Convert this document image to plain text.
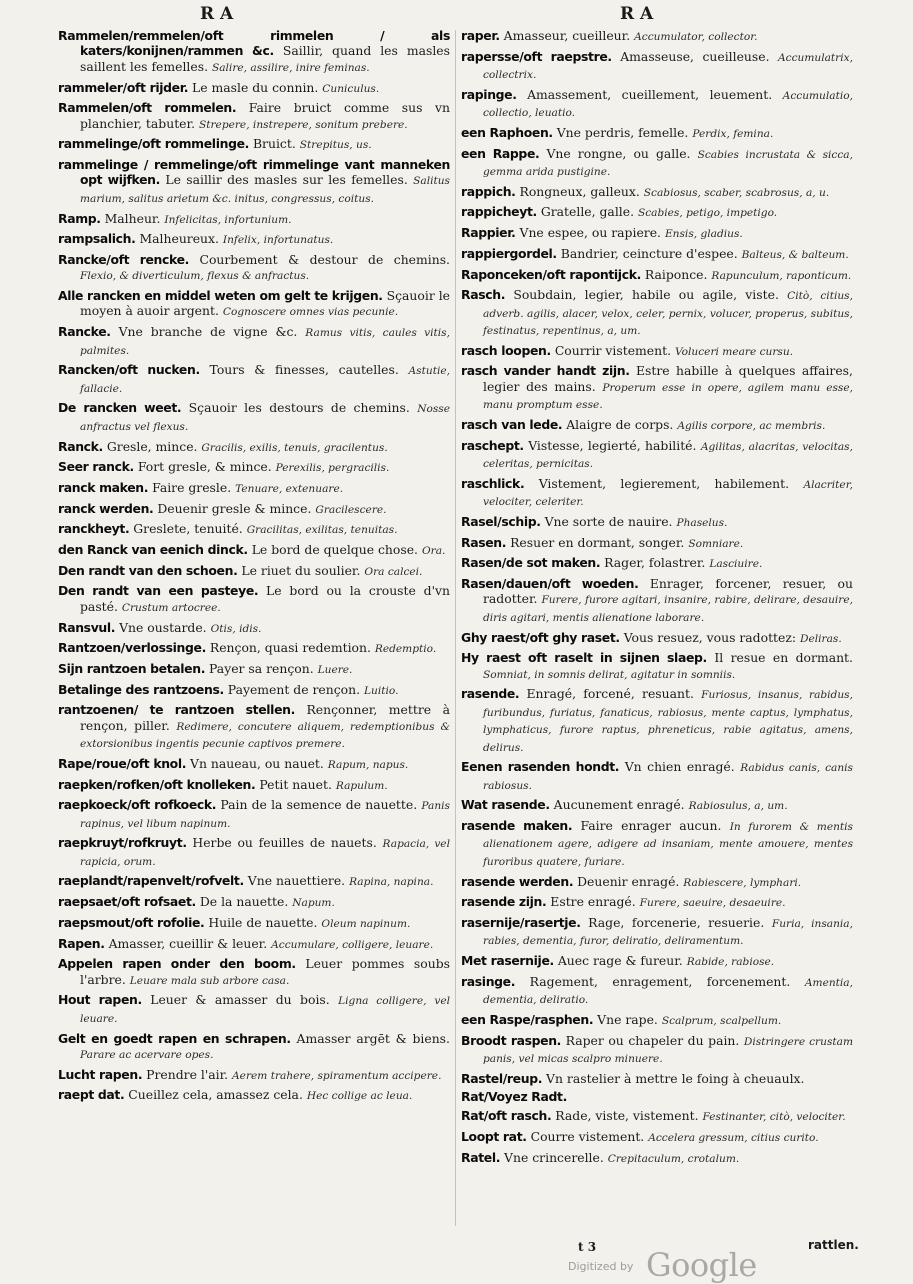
R A	R A
Rammelen/remmelen/oft rimmelen / als katers/konijnen/rammen &c. Saillir, quand les masles saillent les femelles. Salire, assilire, inire feminas.
rammeler/oft rijder. Le masle du connin. Cuniculus.
Rammelen/oft rommelen. Faire bruict comme sus vn planchier, tabuter. Strepere, instrepere, sonitum prebere.
rammelinge/oft rommelinge. Bruict. Strepitus, us.
rammelinge / remmelinge/oft rimmelinge vant manneken opt wijfken. Le saillir des masles sur les femelles. Salitus marium, salitus arietum &c. initus, congressus, coitus.
Ramp. Malheur. Infelicitas, infortunium.
rampsalich. Malheureux. Infelix, infortunatus.
Rancke/oft rencke. Courbement & destour de chemins. Flexio, & diverticulum, flexus & anfractus.
Alle rancken en middel weten om gelt te krijgen. Sçauoir le moyen à auoir argent. Cognoscere omnes vias pecunie.
Rancke. Vne branche de vigne &c. Ramus vitis, caules vitis, palmites.
Rancken/oft nucken. Tours & finesses, cautelles. Astutie, fallacie.
De rancken weet. Sçauoir les destours de chemins. Nosse anfractus vel flexus.
Ranck. Gresle, mince. Gracilis, exilis, tenuis, gracilentus.
Seer ranck. Fort gresle, & mince. Perexilis, pergracilis.
ranck maken. Faire gresle. Tenuare, extenuare.
ranck werden. Deuenir gresle & mince. Gracilescere.
ranckheyt. Greslete, tenuité. Gracilitas, exilitas, tenuitas.
den Ranck van eenich dinck. Le bord de quelque chose. Ora.
Den randt van den schoen. Le riuet du soulier. Ora calcei.
Den randt van een pasteye. Le bord ou la crouste d'vn pasté. Crustum artocree.
Ransvul. Vne oustarde. Otis, idis.
Rantzoen/verlossinge. Rençon, quasi redemtion. Redemptio.
Sijn rantzoen betalen. Payer sa rençon. Luere.
Betalinge des rantzoens. Payement de rençon. Luitio.
rantzoenen/ te rantzoen stellen. Rençonner, mettre à rençon, piller. Redimere, concutere aliquem, redemptionibus & extorsionibus ingentis pecunie captivos premere.
Rape/roue/oft knol. Vn naueau, ou nauet. Rapum, napus.
raepken/rofken/oft knolleken. Petit nauet. Rapulum.
raepkoeck/oft rofkoeck. Pain de la semence de nauette. Panis rapinus, vel libum napinum.
raepkruyt/rofkruyt. Herbe ou feuilles de nauets. Rapacia, vel rapicia, orum.
raeplandt/rapenvelt/rofvelt. Vne nauettiere. Rapina, napina.
raepsaet/oft rofsaet. De la nauette. Napum.
raepsmout/oft rofolie. Huile de nauette. Oleum napinum.
Rapen. Amasser, cueillir & leuer. Accumulare, colligere, leuare.
Appelen rapen onder den boom. Leuer pommes soubs l'arbre. Leuare mala sub arbore casa.
Hout rapen. Leuer & amasser du bois. Ligna colligere, vel leuare.
Gelt en goedt rapen en schrapen. Amasser argēt & biens. Parare ac acervare opes.
Lucht rapen. Prendre l'air. Aerem trahere, spiramentum accipere.
raept dat. Cueillez cela, amassez cela. Hec collige ac leua.
raper. Amasseur, cueilleur. Accumulator, collector.
rapersse/oft raepstre. Amasseuse, cueilleuse. Accumulatrix, collectrix.
rapinge. Amassement, cueillement, leuement. Accumulatio, collectio, leuatio.
een Raphoen. Vne perdris, femelle. Perdix, femina.
een Rappe. Vne rongne, ou galle. Scabies incrustata & sicca, gemma arida pustigine.
rappich. Rongneux, galleux. Scabiosus, scaber, scabrosus, a, u.
rappicheyt. Gratelle, galle. Scabies, petigo, impetigo.
Rappier. Vne espee, ou rapiere. Ensis, gladius.
rappiergordel. Bandrier, ceincture d'espee. Balteus, & balteum.
Raponceken/oft rapontijck. Raiponce. Rapunculum, raponticum.
Rasch. Soubdain, legier, habile ou agile, viste. Citò, citius, adverb. agilis, alacer, velox, celer, pernix, volucer, properus, subitus, festinatus, repentinus, a, um.
rasch loopen. Courrir vistement. Voluceri meare cursu.
rasch vander handt zijn. Estre habille à quelques affaires, legier des mains. Properum esse in opere, agilem manu esse, manu promptum esse.
rasch van lede. Alaigre de corps. Agilis corpore, ac membris.
raschept. Vistesse, legierté, habilité. Agilitas, alacritas, velocitas, celeritas, pernicitas.
raschlick. Vistement, legierement, habilement. Alacriter, velociter, celeriter.
Rasel/schip. Vne sorte de nauire. Phaselus.
Rasen. Resuer en dormant, songer. Somniare.
Rasen/de sot maken. Rager, folastrer. Lasciuire.
Rasen/dauen/oft woeden. Enrager, forcener, resuer, ou radotter. Furere, furore agitari, insanire, rabire, delirare, desauire, diris agitari, mentis alienatione laborare.
Ghy raest/oft ghy raset. Vous resuez, vous radottez: Deliras.
Hy raest oft raselt in sijnen slaep. Il resue en dormant. Somniat, in somnis delirat, agitatur in somniis.
rasende. Enragé, forcené, resuant. Furiosus, insanus, rabidus, furibundus, furiatus, fanaticus, rabiosus, mente captus, lymphatus, lymphaticus, furore raptus, phreneticus, rabie agitatus, amens, delirus.
Eenen rasenden hondt. Vn chien enragé. Rabidus canis, canis rabiosus.
Wat rasende. Aucunement enragé. Rabiosulus, a, um.
rasende maken. Faire enrager aucun. In furorem & mentis alienationem agere, adigere ad insaniam, mente amouere, mentes furoribus quatere, furiare.
rasende werden. Deuenir enragé. Rabiescere, lymphari.
rasende zijn. Estre enragé. Furere, saeuire, desaeuire.
rasernije/rasertje. Rage, forcenerie, resuerie. Furia, insania, rabies, dementia, furor, deliratio, deliramentum.
Met rasernije. Auec rage & fureur. Rabide, rabiose.
rasinge. Ragement, enragement, forcenement. Amentia, dementia, deliratio.
een Raspe/rasphen. Vne rape. Scalprum, scalpellum.
Broodt raspen. Raper ou chapeler du pain. Distringere crustam panis, vel micas scalpro minuere.
Rastel/reup. Vn rastelier à mettre le foing à cheuaulx.
Rat/Voyez Radt.
Rat/oft rasch. Rade, viste, vistement. Festinanter, citò, velociter.
Loopt rat. Courre vistement. Accelera gressum, citius curito.
Ratel. Vne crincerelle. Crepitaculum, crotalum.
t 3	rattlen.
Digitized by Google
